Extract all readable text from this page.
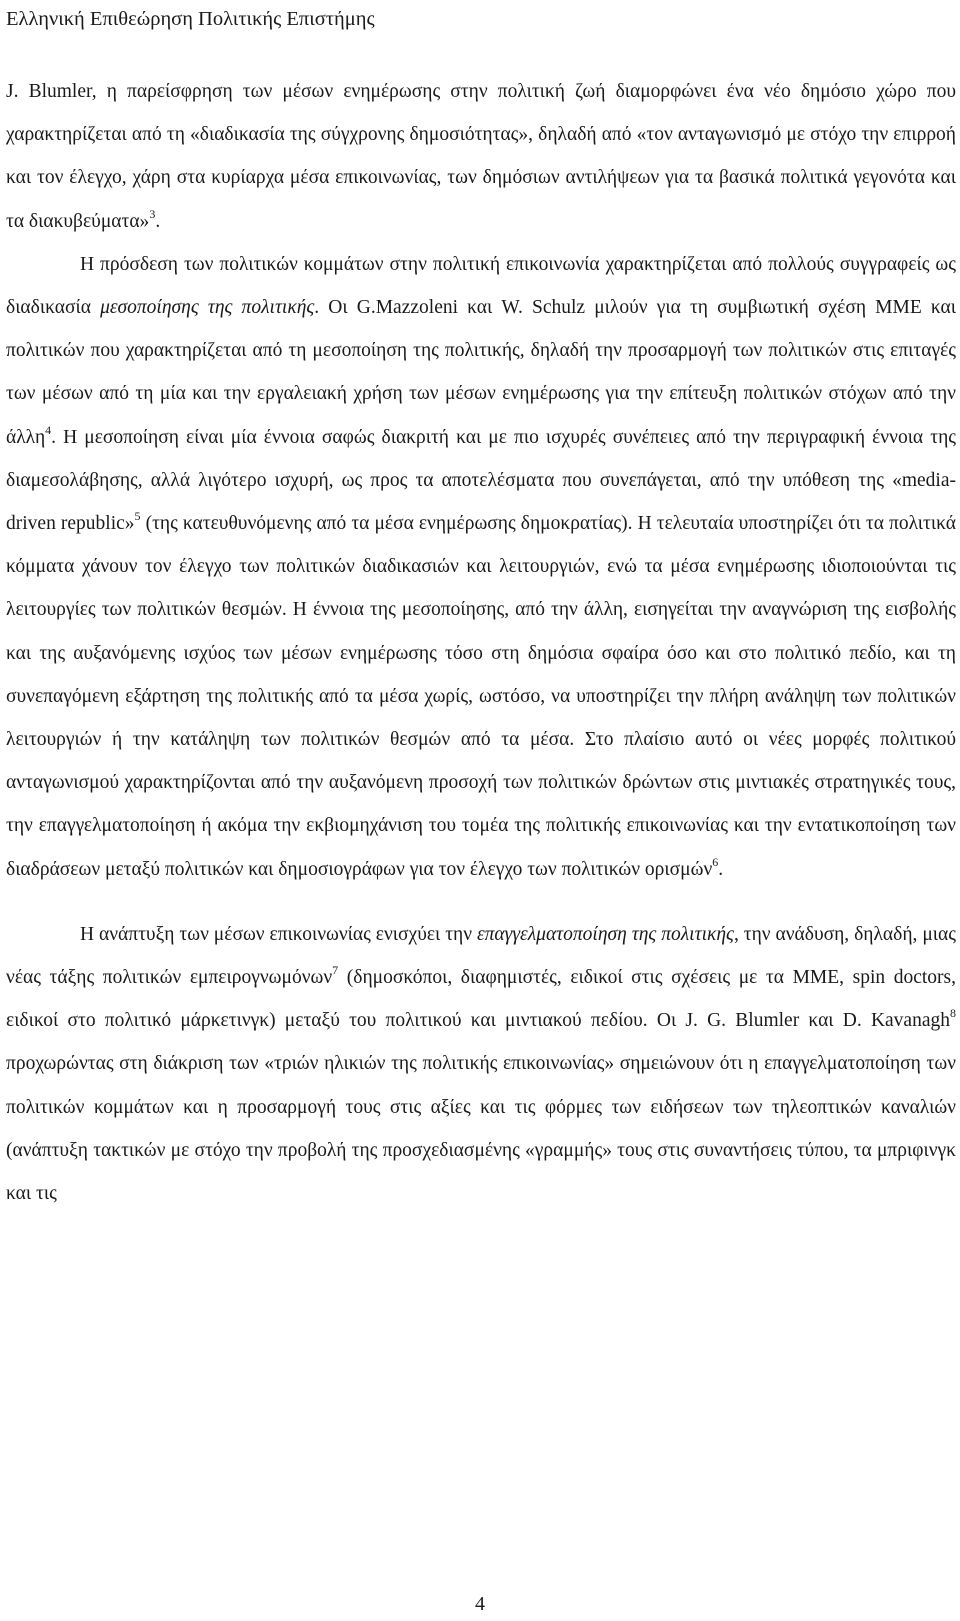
Ελληνική Επιθεώρηση Πολιτικής Επιστήμης

J. Blumler, η παρείσφρηση των μέσων ενημέρωσης στην πολιτική ζωή διαμορφώνει ένα νέο δημόσιο χώρο που χαρακτηρίζεται από τη «διαδικασία της σύγχρονης δημοσιότητας», δηλαδή από «τον ανταγωνισμό με στόχο την επιρροή και τον έλεγχο, χάρη στα κυρίαρχα μέσα επικοινωνίας, των δημόσιων αντιλήψεων για τα βασικά πολιτικά γεγονότα και τα διακυβεύματα»$^3$.

Η πρόσδεση των πολιτικών κομμάτων στην πολιτική επικοινωνία χαρακτηρίζεται από πολλούς συγγραφείς ως διαδικασία μεσοποίησης της πολιτικής. Οι G.Mazzoleni και W. Schulz μιλούν για τη συμβιωτική σχέση ΜΜΕ και πολιτικών που χαρακτηρίζεται από τη μεσοποίηση της πολιτικής, δηλαδή την προσαρμογή των πολιτικών στις επιταγές των μέσων από τη μία και την εργαλειακή χρήση των μέσων ενημέρωσης για την επίτευξη πολιτικών στόχων από την άλλη$^4$. Η μεσοποίηση είναι μία έννοια σαφώς διακριτή και με πιο ισχυρές συνέπειες από την περιγραφική έννοια της διαμεσολάβησης, αλλά λιγότερο ισχυρή, ως προς τα αποτελέσματα που συνεπάγεται, από την υπόθεση της «media-driven republic»$^5$ (της κατευθυνόμενης από τα μέσα ενημέρωσης δημοκρατίας). Η τελευταία υποστηρίζει ότι τα πολιτικά κόμματα χάνουν τον έλεγχο των πολιτικών διαδικασιών και λειτουργιών, ενώ τα μέσα ενημέρωσης ιδιοποιούνται τις λειτουργίες των πολιτικών θεσμών. Η έννοια της μεσοποίησης, από την άλλη, εισηγείται την αναγνώριση της εισβολής και της αυξανόμενης ισχύος των μέσων ενημέρωσης τόσο στη δημόσια σφαίρα όσο και στο πολιτικό πεδίο, και τη συνεπαγόμενη εξάρτηση της πολιτικής από τα μέσα χωρίς, ωστόσο, να υποστηρίζει την πλήρη ανάληψη των πολιτικών λειτουργιών ή την κατάληψη των πολιτικών θεσμών από τα μέσα. Στο πλαίσιο αυτό οι νέες μορφές πολιτικού ανταγωνισμού χαρακτηρίζονται από την αυξανόμενη προσοχή των πολιτικών δρώντων στις μιντιακές στρατηγικές τους, την επαγγελματοποίηση ή ακόμα την εκβιομηχάνιση του τομέα της πολιτικής επικοινωνίας και την εντατικοποίηση των διαδράσεων μεταξύ πολιτικών και δημοσιογράφων για τον έλεγχο των πολιτικών ορισμών$^6$.

Η ανάπτυξη των μέσων επικοινωνίας ενισχύει την επαγγελματοποίηση της πολιτικής, την ανάδυση, δηλαδή, μιας νέας τάξης πολιτικών εμπειρογνωμόνων$^7$ (δημοσκόποι, διαφημιστές, ειδικοί στις σχέσεις με τα ΜΜΕ, spin doctors, ειδικοί στο πολιτικό μάρκετινγκ) μεταξύ του πολιτικού και μιντιακού πεδίου. Οι J. G. Blumler και D. Kavanagh$^8$ προχωρώντας στη διάκριση των «τριών ηλικιών της πολιτικής επικοινωνίας» σημειώνουν ότι η επαγγελματοποίηση των πολιτικών κομμάτων και η προσαρμογή τους στις αξίες και τις φόρμες των ειδήσεων των τηλεοπτικών καναλιών (ανάπτυξη τακτικών με στόχο την προβολή της προσχεδιασμένης «γραμμής» τους στις συναντήσεις τύπου, τα μπριφινγκ και τις

4
